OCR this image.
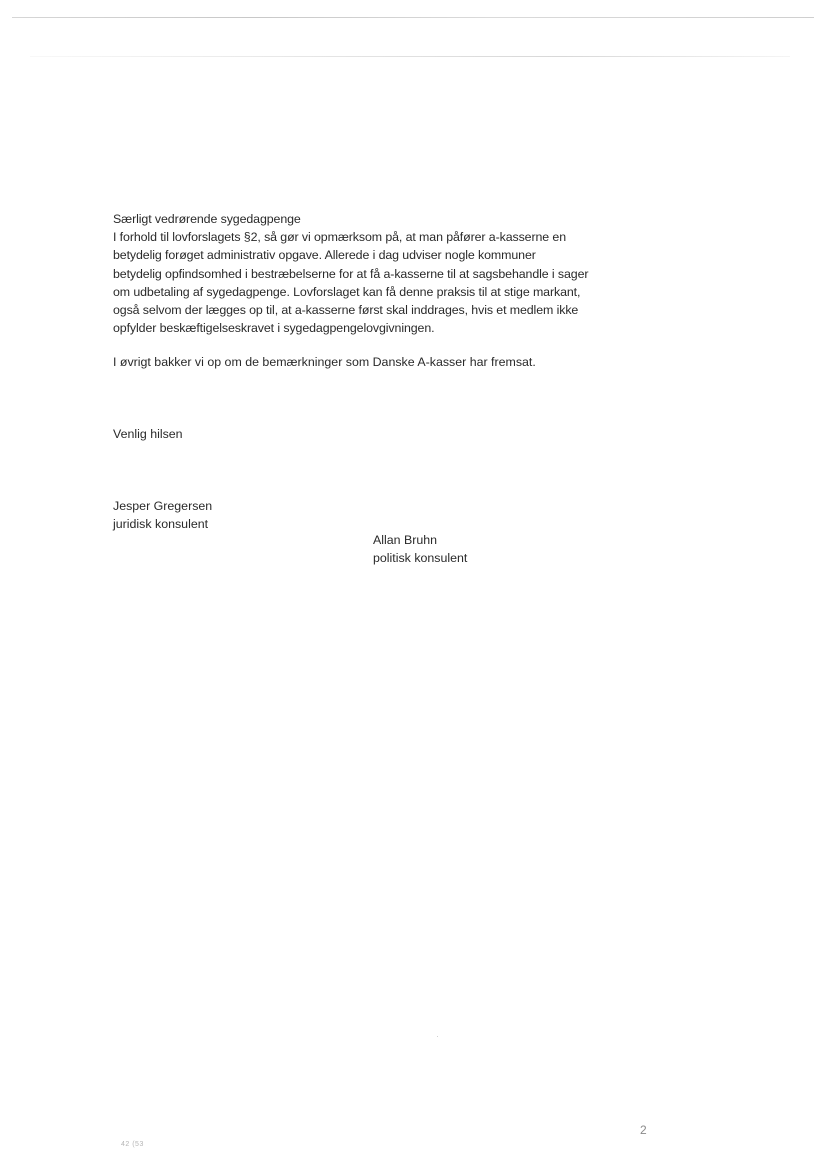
Særligt vedrørende sygedagpenge

I forhold til lovforslagets §2, så gør vi opmærksom på, at man påfører a-kasserne en
betydelig forøget administrativ opgave. Allerede i dag udviser nogle kommuner
betydelig opfindsomhed i bestræbelserne for at få a-kasserne til at sagsbehandle i sager
om udbetaling af sygedagpenge. Lovforslaget kan få denne praksis til at stige markant,
også selvom der lægges op til, at a-kasserne først skal inddrages, hvis et medlem ikke
opfylder beskæftigelseskravet i sygedagpengelovgivningen.

I øvrigt bakker vi op om de bemærkninger som Danske A-kasser har fremsat.
Venlig hilsen
Jesper Gregersen
juridisk konsulent
Allan Bruhn
politisk konsulent
2
42 (53
